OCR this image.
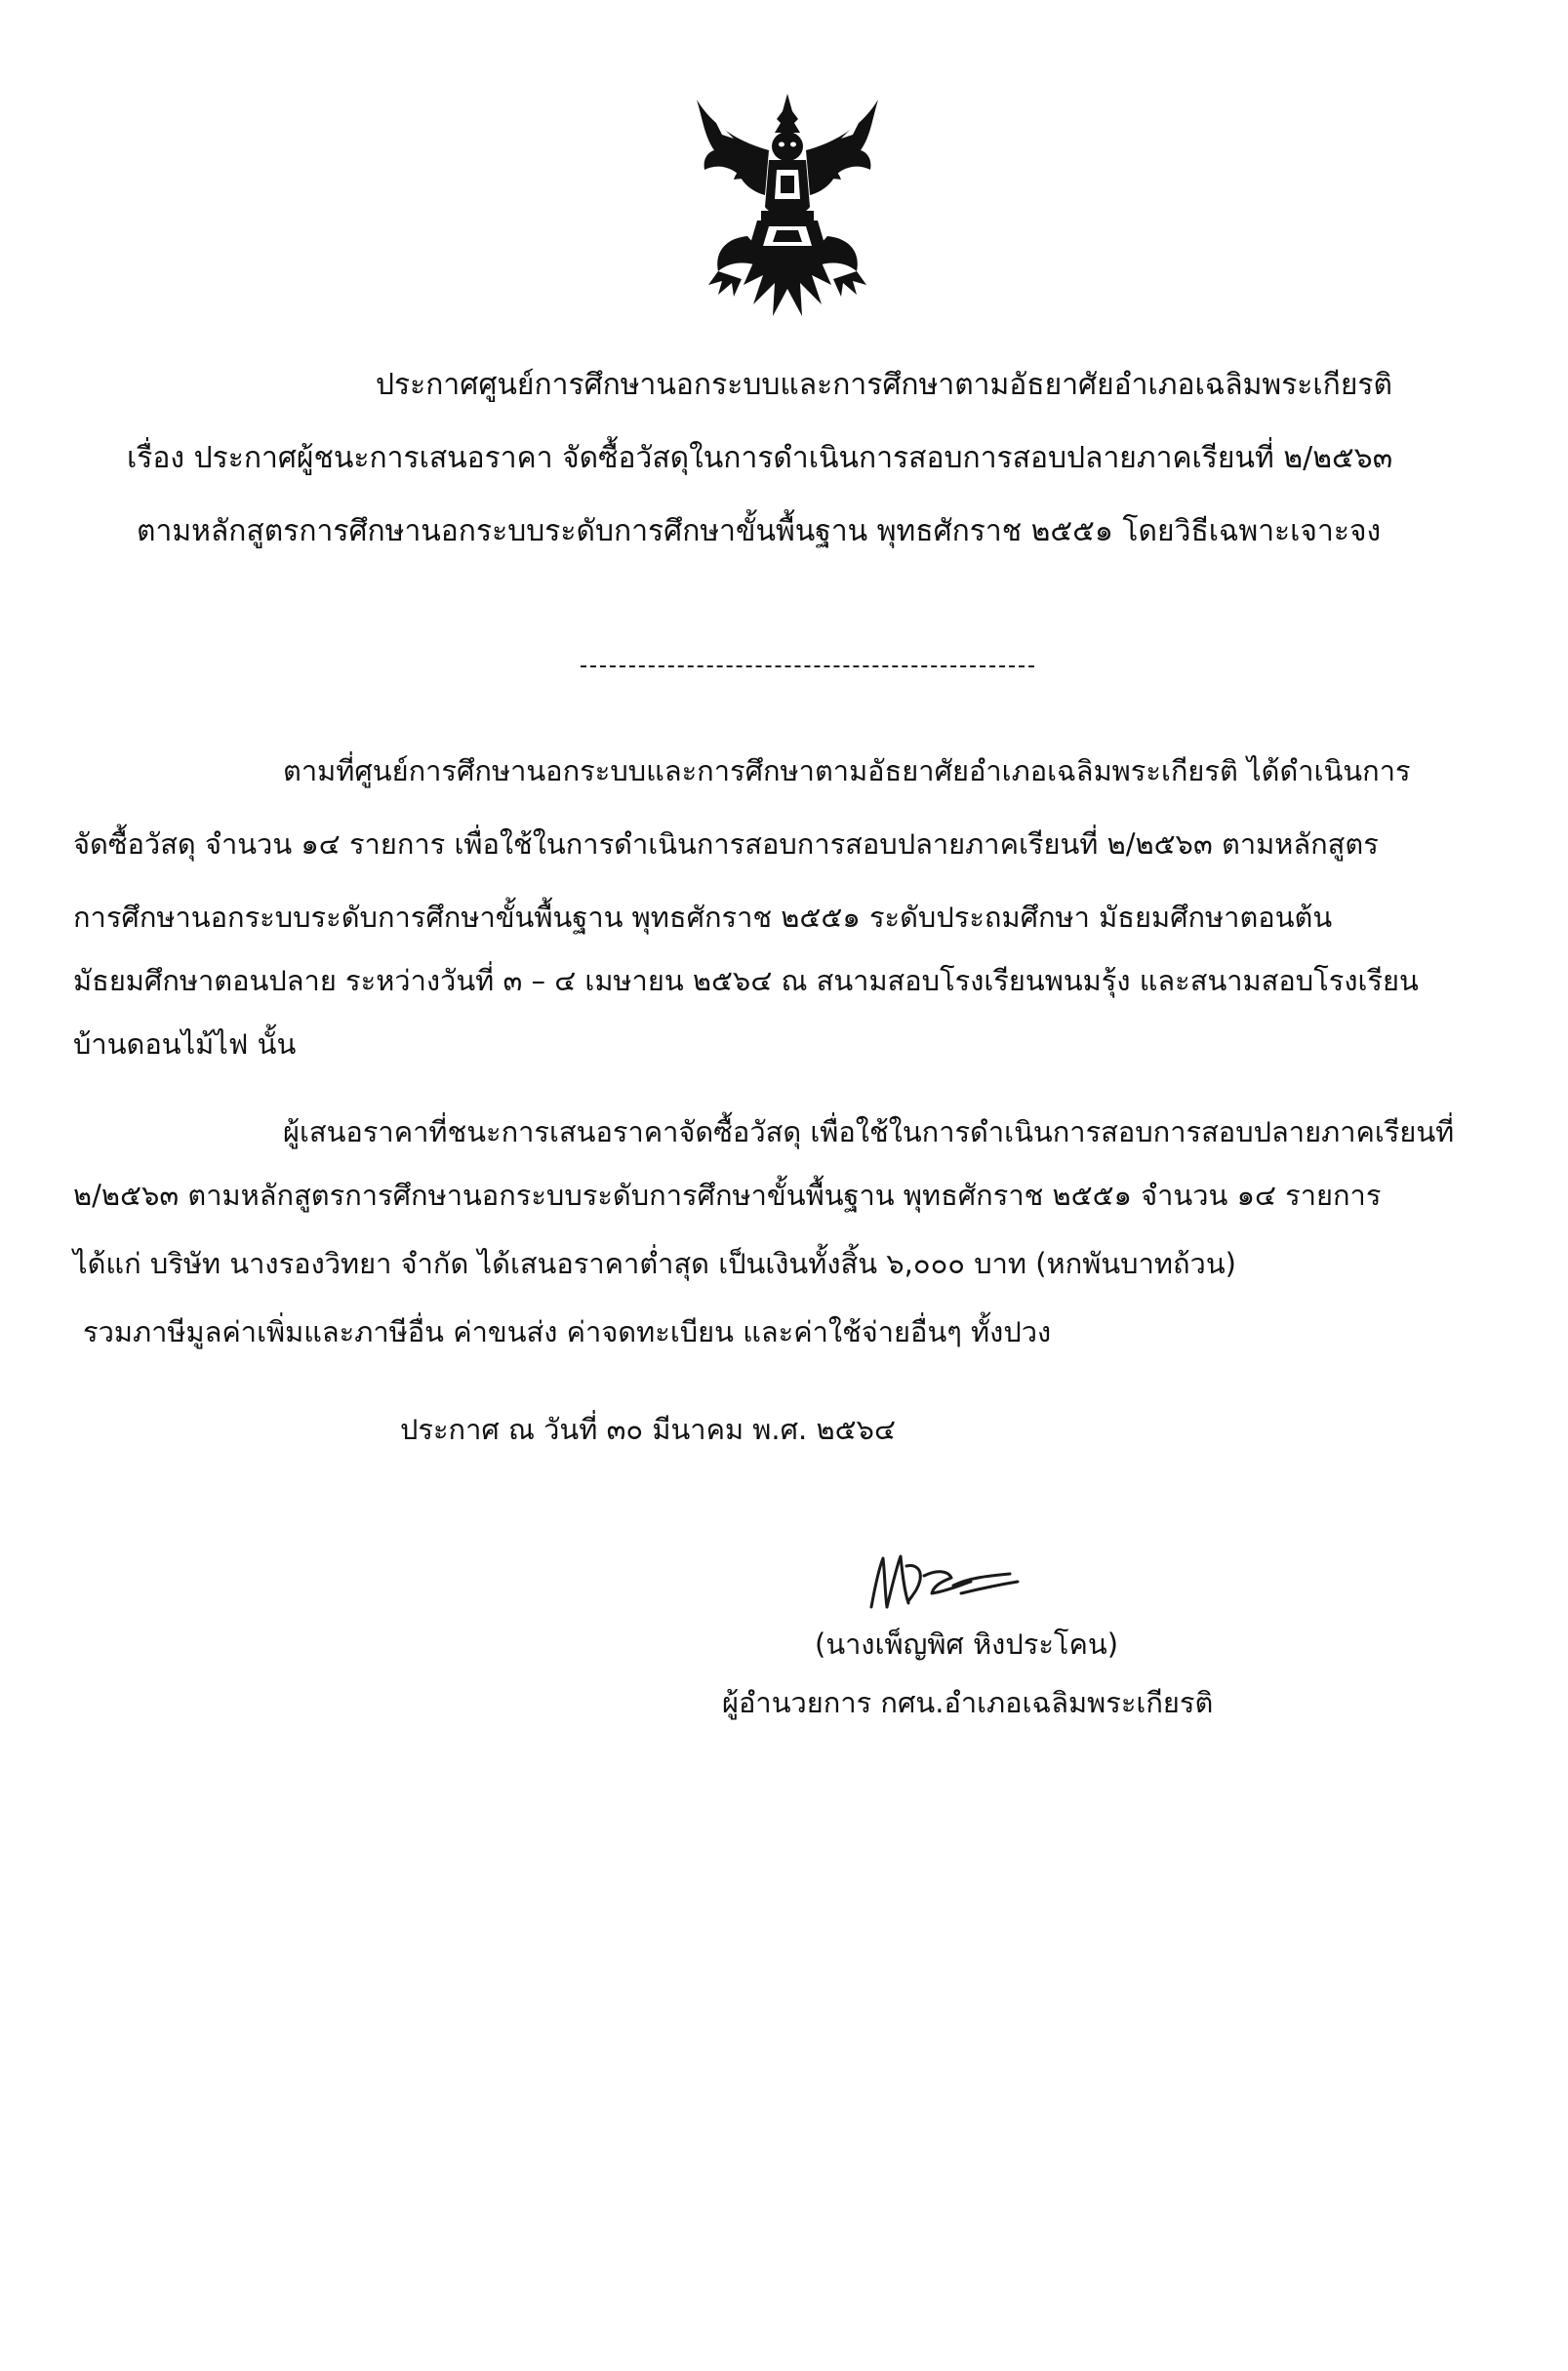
ประกาศศูนย์การศึกษานอกระบบและการศึกษาตามอัธยาศัยอำเภอเฉลิมพระเกียรติ
เรื่อง ประกาศผู้ชนะการเสนอราคา จัดซื้อวัสดุในการดำเนินการสอบการสอบปลายภาคเรียนที่ ๒/๒๕๖๓
ตามหลักสูตรการศึกษานอกระบบระดับการศึกษาขั้นพื้นฐาน พุทธศักราช ๒๕๕๑ โดยวิธีเฉพาะเจาะจง
ตามที่ศูนย์การศึกษานอกระบบและการศึกษาตามอัธยาศัยอำเภอเฉลิมพระเกียรติ ได้ดำเนินการ
จัดซื้อวัสดุ จำนวน ๑๔ รายการ เพื่อใช้ในการดำเนินการสอบการสอบปลายภาคเรียนที่ ๒/๒๕๖๓ ตามหลักสูตร
การศึกษานอกระบบระดับการศึกษาขั้นพื้นฐาน พุทธศักราช ๒๕๕๑ ระดับประถมศึกษา มัธยมศึกษาตอนต้น
มัธยมศึกษาตอนปลาย ระหว่างวันที่ ๓ – ๔ เมษายน ๒๕๖๔ ณ สนามสอบโรงเรียนพนมรุ้ง และสนามสอบโรงเรียน
บ้านดอนไม้ไฟ นั้น
ผู้เสนอราคาที่ชนะการเสนอราคาจัดซื้อวัสดุ เพื่อใช้ในการดำเนินการสอบการสอบปลายภาคเรียนที่
๒/๒๕๖๓ ตามหลักสูตรการศึกษานอกระบบระดับการศึกษาขั้นพื้นฐาน พุทธศักราช ๒๕๕๑ จำนวน ๑๔ รายการ
ได้แก่ บริษัท นางรองวิทยา จำกัด ได้เสนอราคาต่ำสุด เป็นเงินทั้งสิ้น ๖,๐๐๐ บาท (หกพันบาทถ้วน)
รวมภาษีมูลค่าเพิ่มและภาษีอื่น ค่าขนส่ง ค่าจดทะเบียน และค่าใช้จ่ายอื่นๆ ทั้งปวง
ประกาศ ณ วันที่ ๓๐ มีนาคม พ.ศ. ๒๕๖๔
(นางเพ็ญพิศ หิงประโคน)
ผู้อำนวยการ กศน.อำเภอเฉลิมพระเกียรติ
